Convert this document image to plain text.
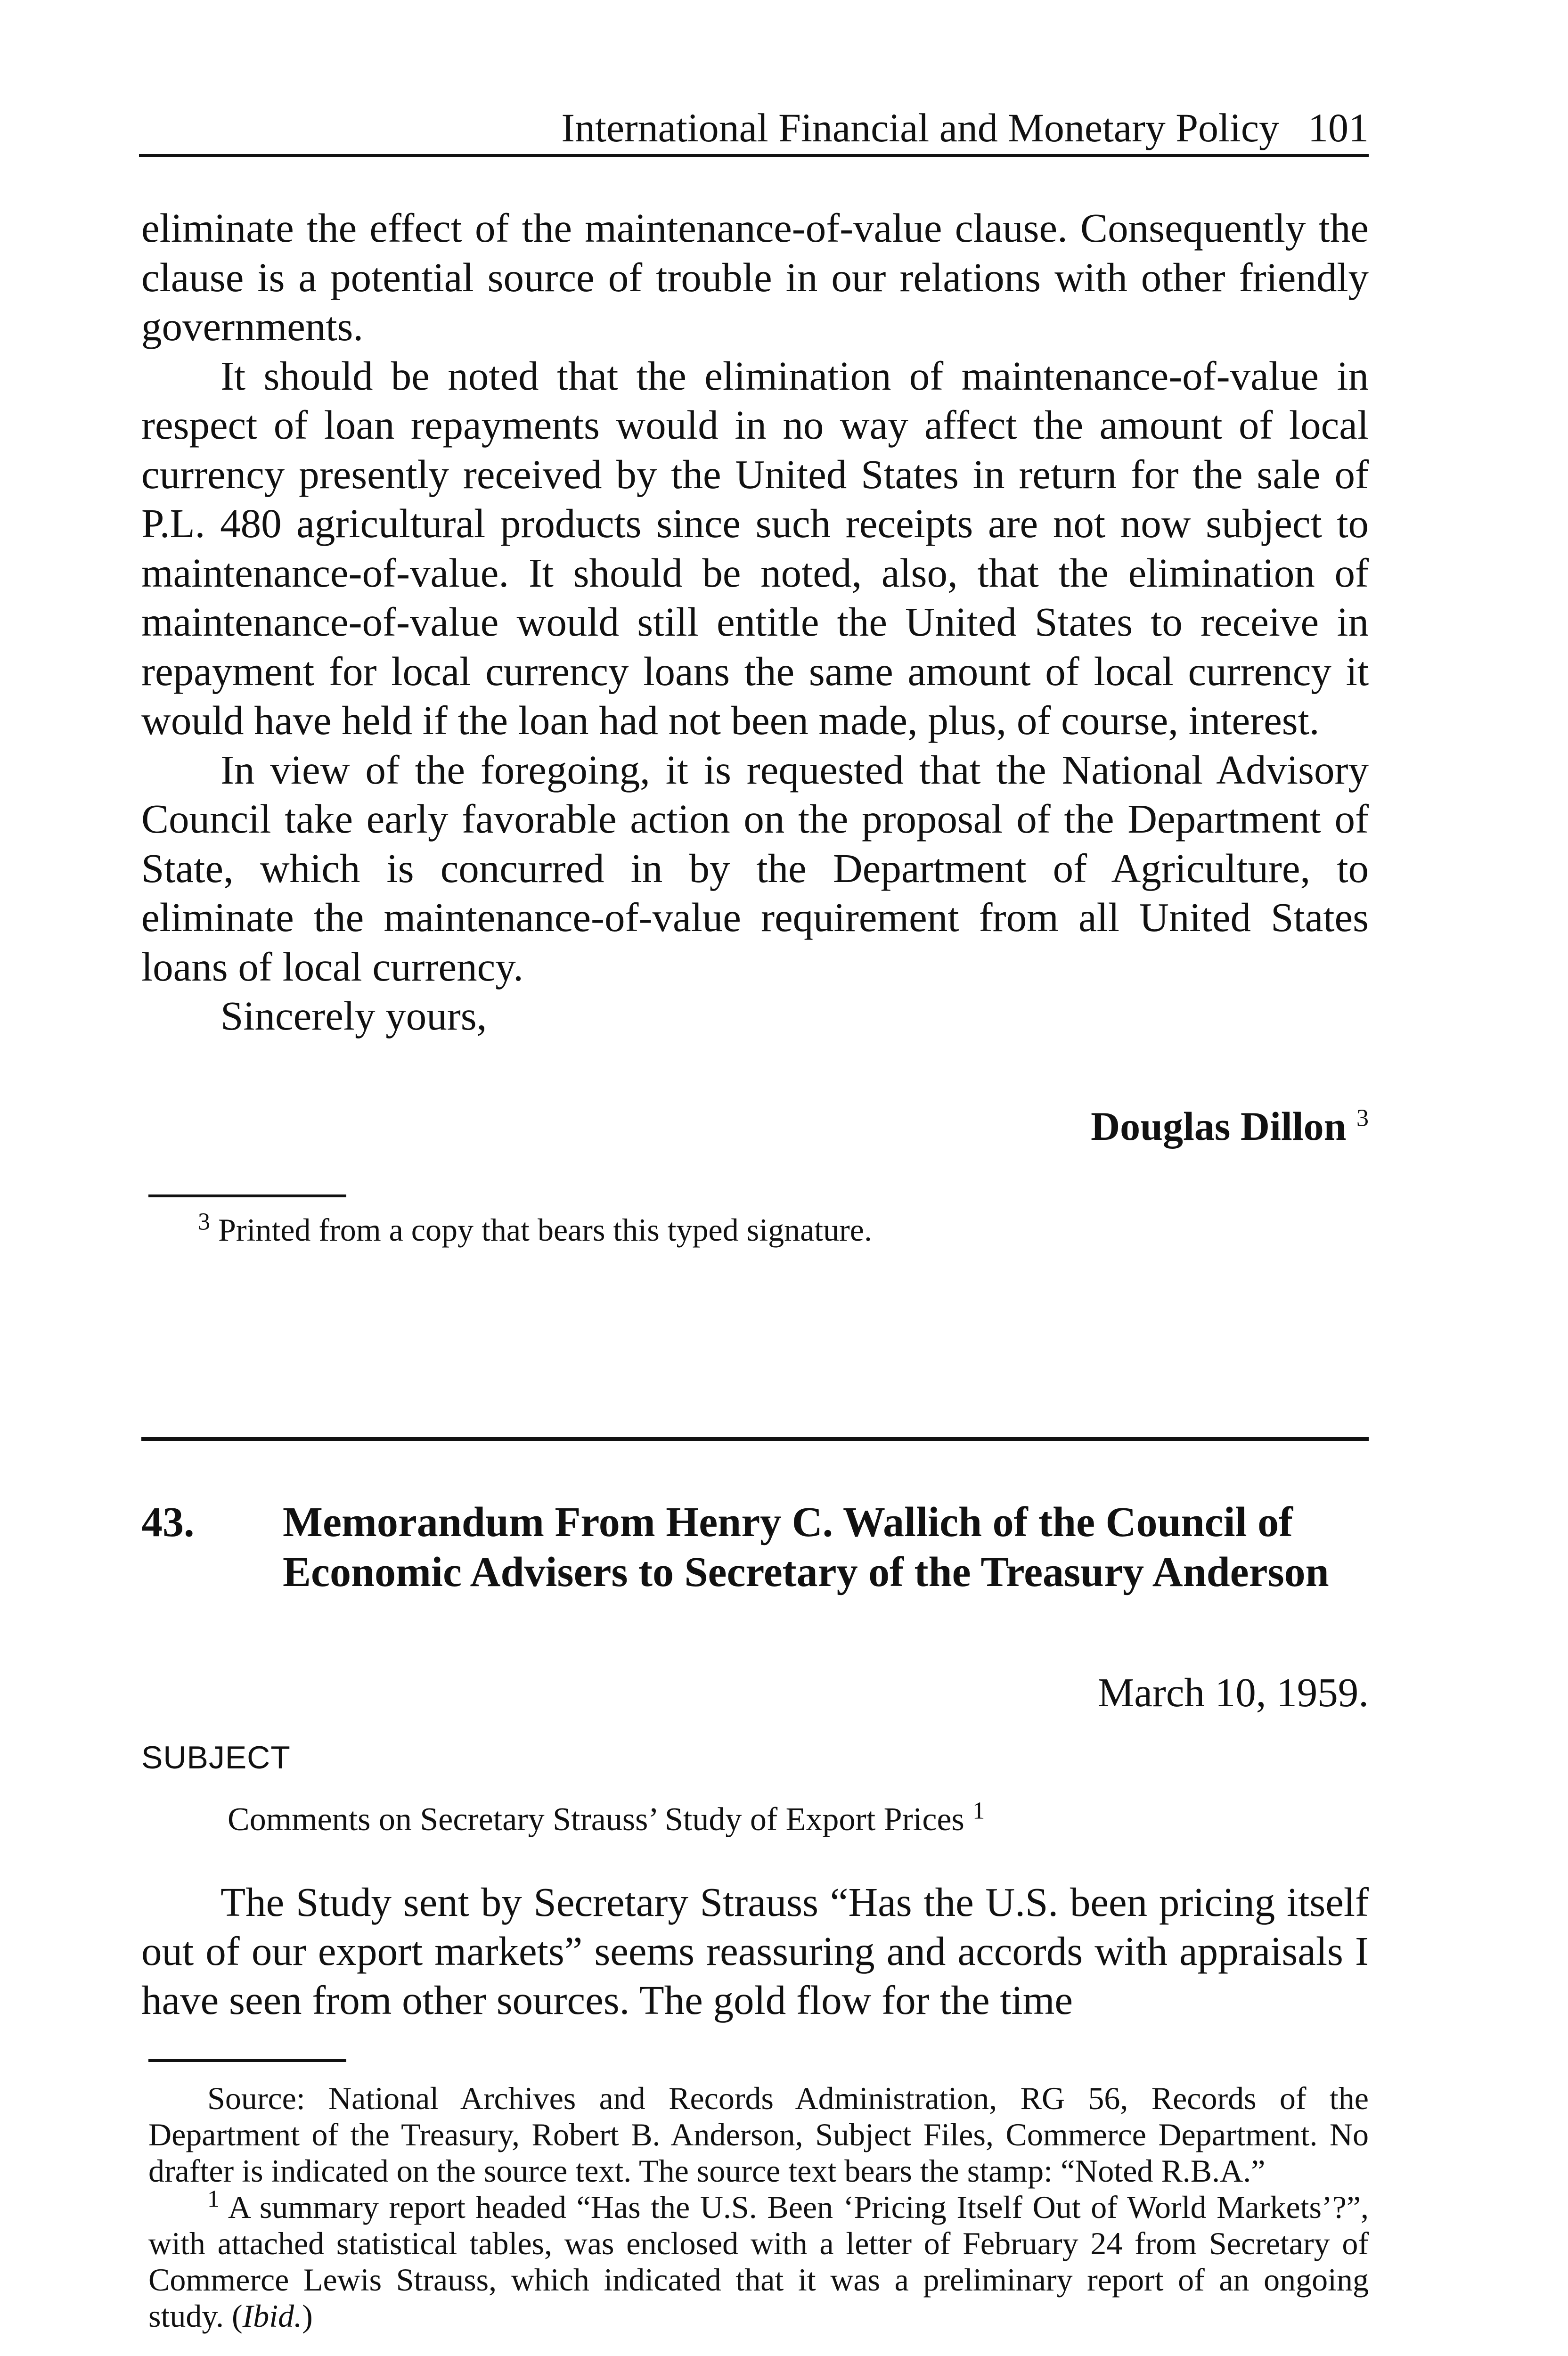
International Financial and Monetary Policy 101

eliminate the effect of the maintenance-of-value clause. Consequently the clause is a potential source of trouble in our relations with other friendly governments.

It should be noted that the elimination of maintenance-of-value in respect of loan repayments would in no way affect the amount of local currency presently received by the United States in return for the sale of P.L. 480 agricultural products since such receipts are not now subject to maintenance-of-value. It should be noted, also, that the elimination of maintenance-of-value would still entitle the United States to receive in repayment for local currency loans the same amount of local currency it would have held if the loan had not been made, plus, of course, interest.

In view of the foregoing, it is requested that the National Advisory Council take early favorable action on the proposal of the Department of State, which is concurred in by the Department of Agriculture, to eliminate the maintenance-of-value requirement from all United States loans of local currency.

Sincerely yours,

Douglas Dillon $^3$
$^3$ Printed from a copy that bears this typed signature.
43. Memorandum From Henry C. Wallich of the Council of Economic Advisers to Secretary of the Treasury Anderson
March 10, 1959.
SUBJECT
Comments on Secretary Strauss’ Study of Export Prices $^1$

The Study sent by Secretary Strauss “Has the U.S. been pricing itself out of our export markets” seems reassuring and accords with appraisals I have seen from other sources. The gold flow for the time

Source: National Archives and Records Administration, RG 56, Records of the Department of the Treasury, Robert B. Anderson, Subject Files, Commerce Department. No drafter is indicated on the source text. The source text bears the stamp: “Noted R.B.A.”

$^1$ A summary report headed “Has the U.S. Been ‘Pricing Itself Out of World Markets’?”, with attached statistical tables, was enclosed with a letter of February 24 from Secretary of Commerce Lewis Strauss, which indicated that it was a preliminary report of an ongoing study. (Ibid.)
